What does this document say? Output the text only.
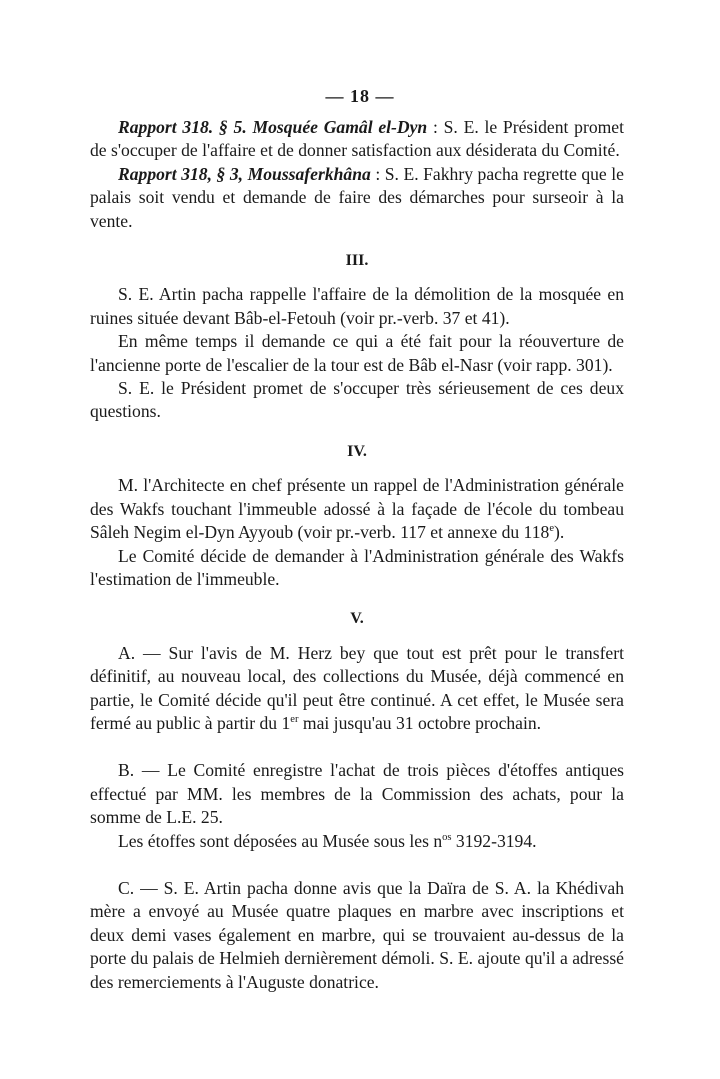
— 18 —

Rapport 318. § 5. Mosquée Gamâl el-Dyn : S. E. le Président promet de s'occuper de l'affaire et de donner satisfaction aux désiderata du Comité.

Rapport 318, § 3, Moussaferkhâna : S. E. Fakhry pacha regrette que le palais soit vendu et demande de faire des démarches pour surseoir à la vente.

III.

S. E. Artin pacha rappelle l'affaire de la démolition de la mosquée en ruines située devant Bâb-el-Fetouh (voir pr.-verb. 37 et 41).

En même temps il demande ce qui a été fait pour la réouverture de l'ancienne porte de l'escalier de la tour est de Bâb el-Nasr (voir rapp. 301).

S. E. le Président promet de s'occuper très sérieusement de ces deux questions.

IV.

M. l'Architecte en chef présente un rappel de l'Administration générale des Wakfs touchant l'immeuble adossé à la façade de l'école du tombeau Sâleh Negim el-Dyn Ayyoub (voir pr.-verb. 117 et annexe du 118e).

Le Comité décide de demander à l'Administration générale des Wakfs l'estimation de l'immeuble.

V.

A. — Sur l'avis de M. Herz bey que tout est prêt pour le transfert définitif, au nouveau local, des collections du Musée, déjà commencé en partie, le Comité décide qu'il peut être continué. A cet effet, le Musée sera fermé au public à partir du 1er mai jusqu'au 31 octobre prochain.

B. — Le Comité enregistre l'achat de trois pièces d'étoffes antiques effectué par MM. les membres de la Commission des achats, pour la somme de L.E. 25.

Les étoffes sont déposées au Musée sous les $n^{os}$ 3192-3194.

C. — S. E. Artin pacha donne avis que la Daïra de S. A. la Khédivah mère a envoyé au Musée quatre plaques en marbre avec inscriptions et deux demi vases également en marbre, qui se trouvaient au-dessus de la porte du palais de Helmieh dernièrement démoli. S. E. ajoute qu'il a adressé des remerciements à l'Auguste donatrice.
